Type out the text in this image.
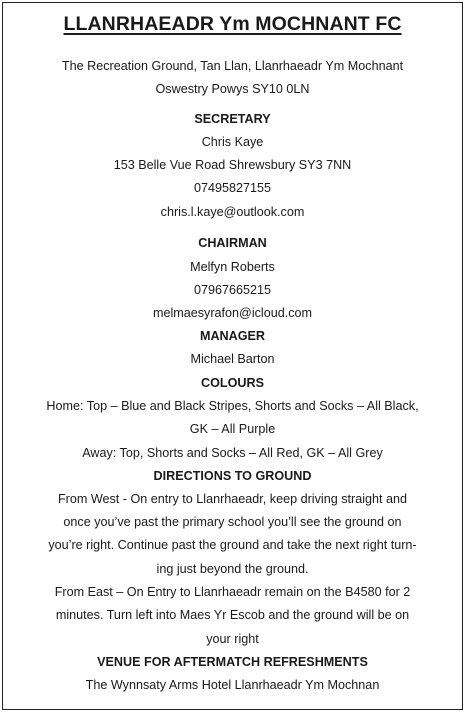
LLANRHAEADR Ym MOCHNANT FC
The Recreation Ground, Tan Llan, Llanrhaeadr Ym Mochnant
Oswestry Powys SY10 0LN
SECRETARY
Chris Kaye
153 Belle Vue Road Shrewsbury SY3 7NN
07495827155
chris.l.kaye@outlook.com
CHAIRMAN
Melfyn Roberts
07967665215
melmaesyrafon@icloud.com
MANAGER
Michael Barton
COLOURS
Home: Top – Blue and Black Stripes, Shorts and Socks – All Black,
GK – All Purple
Away: Top, Shorts and Socks – All Red, GK – All Grey
DIRECTIONS TO GROUND
From West - On entry to Llanrhaeadr, keep driving straight and
once you’ve past the primary school you’ll see the ground on
you’re right. Continue past the ground and take the next right turn-
ing just beyond the ground.
From East – On Entry to Llanrhaeadr remain on the B4580 for 2
minutes. Turn left into Maes Yr Escob and the ground will be on
your right
VENUE FOR AFTERMATCH REFRESHMENTS
The Wynnsaty Arms Hotel Llanrhaeadr Ym Mochnan
